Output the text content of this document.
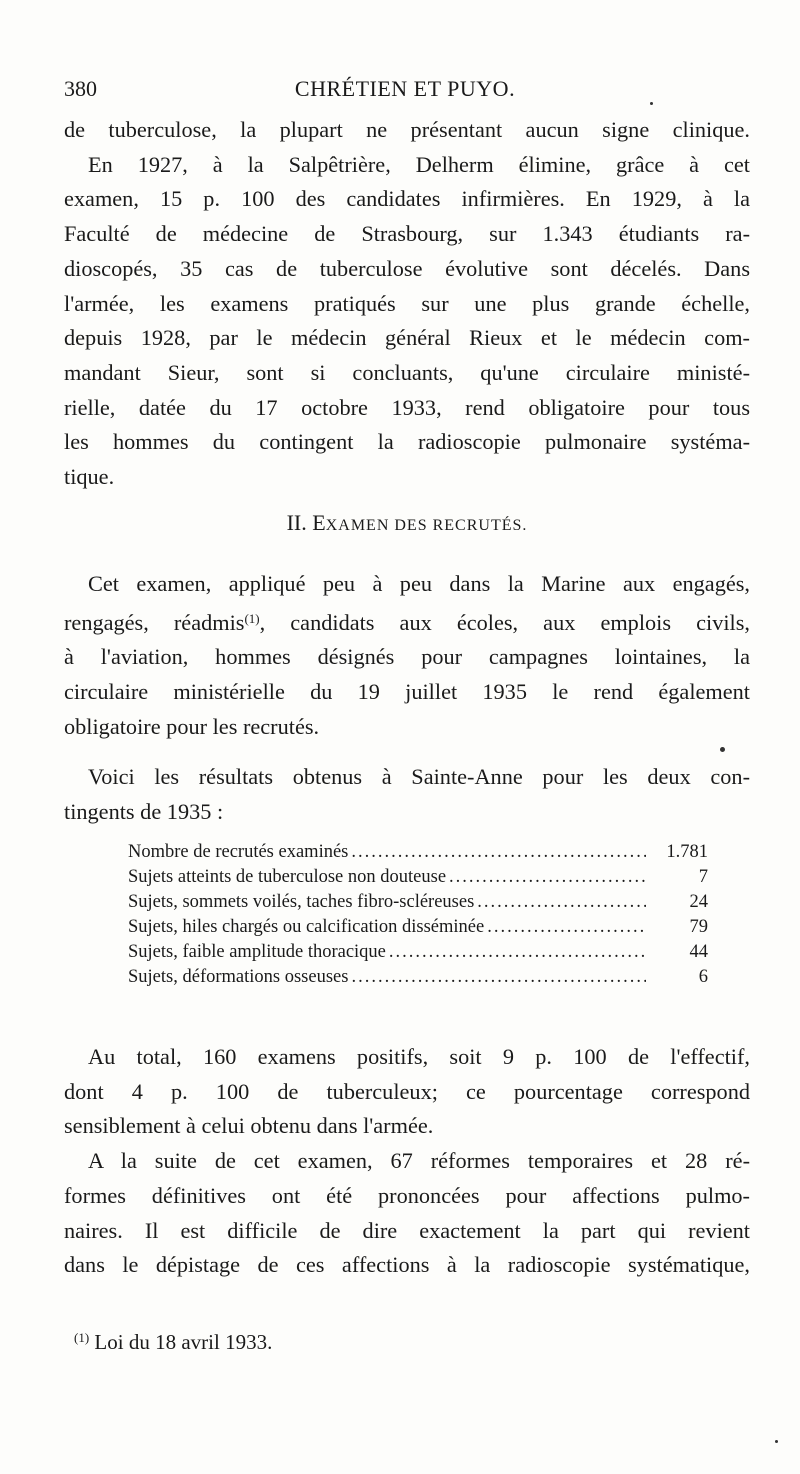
380	CHRÉTIEN ET PUYO.
de tuberculose, la plupart ne présentant aucun signe clinique.
En 1927, à la Salpêtrière, Delherm élimine, grâce à cet
examen, 15 p. 100 des candidates infirmières. En 1929, à la
Faculté de médecine de Strasbourg, sur 1.343 étudiants ra-
dioscopés, 35 cas de tuberculose évolutive sont décelés. Dans
l'armée, les examens pratiqués sur une plus grande échelle,
depuis 1928, par le médecin général Rieux et le médecin com-
mandant Sieur, sont si concluants, qu'une circulaire ministé-
rielle, datée du 17 octobre 1933, rend obligatoire pour tous
les hommes du contingent la radioscopie pulmonaire systéma-
tique.
II. EXAMEN DES RECRUTÉS.
Cet examen, appliqué peu à peu dans la Marine aux engagés,
rengagés, réadmis$^{(1)}$, candidats aux écoles, aux emplois civils,
à l'aviation, hommes désignés pour campagnes lointaines, la
circulaire ministérielle du 19 juillet 1935 le rend également
obligatoire pour les recrutés.
Voici les résultats obtenus à Sainte-Anne pour les deux con-
tingents de 1935 :
Nombre de recrutés examinés .....	1.781
Sujets atteints de tuberculose non douteuse .....	7
Sujets, sommets voilés, taches fibro-scléreuses .....	24
Sujets, hiles chargés ou calcification disséminée .....	79
Sujets, faible amplitude thoracique .....	44
Sujets, déformations osseuses .....	6
Au total, 160 examens positifs, soit 9 p. 100 de l'effectif,
dont 4 p. 100 de tuberculeux; ce pourcentage correspond
sensiblement à celui obtenu dans l'armée.
A la suite de cet examen, 67 réformes temporaires et 28 ré-
formes définitives ont été prononcées pour affections pulmo-
naires. Il est difficile de dire exactement la part qui revient
dans le dépistage de ces affections à la radioscopie systématique,
$^{(1)}$ Loi du 18 avril 1933.
